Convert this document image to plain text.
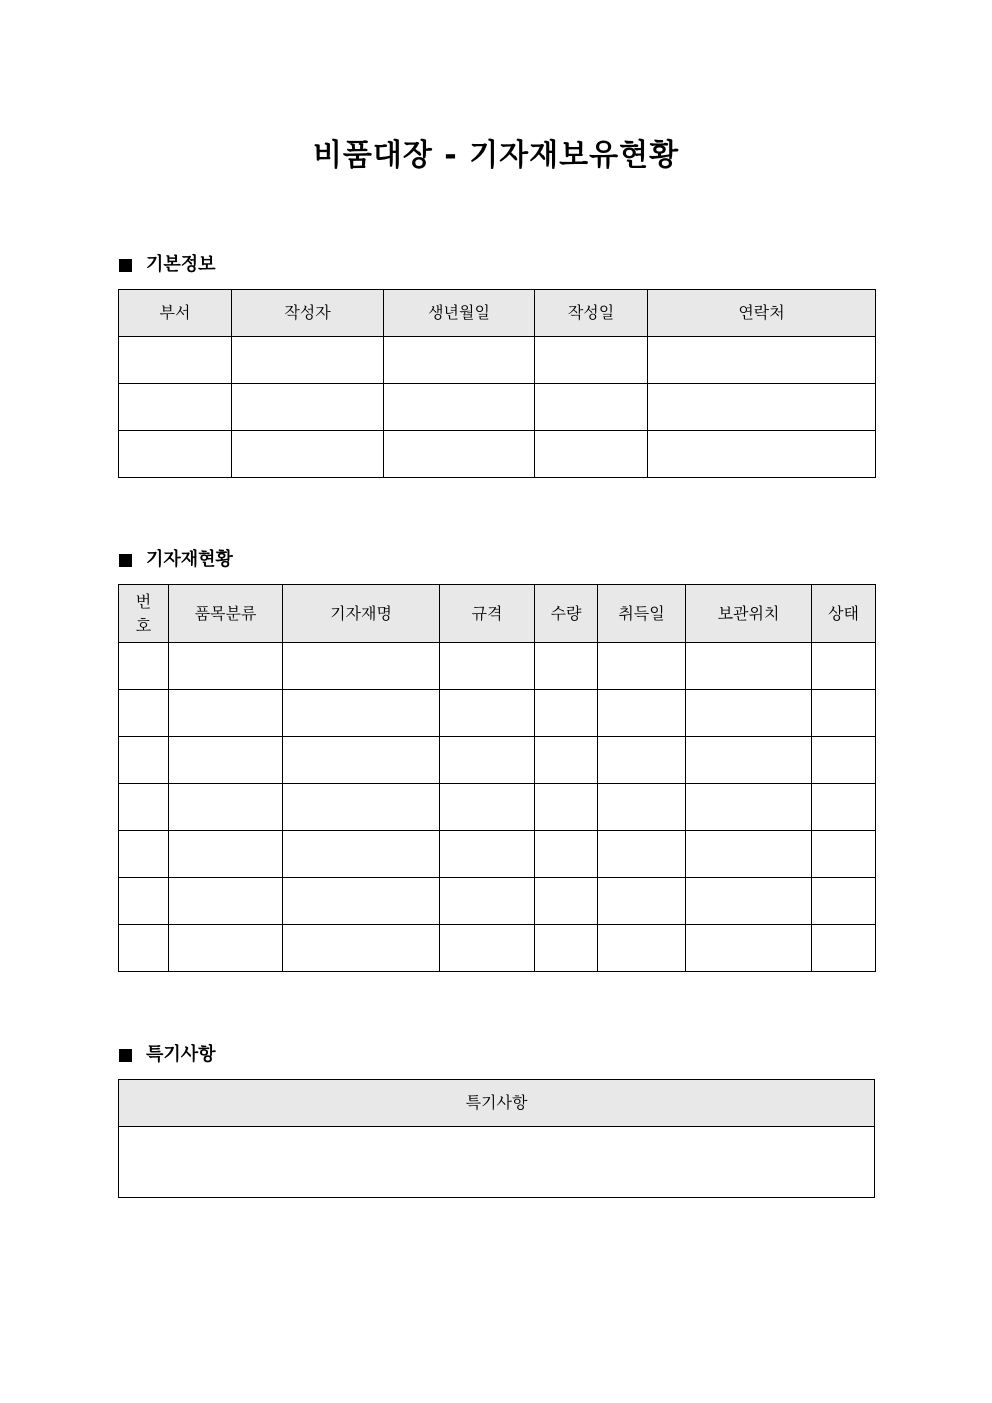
비품대장 - 기자재보유현황
기본정보
부서	작성자	생년월일	작성일	연락처

기자재현황
번
호	품목분류	기자재명	규격	수량	취득일	보관위치	상태

특기사항
특기사항
